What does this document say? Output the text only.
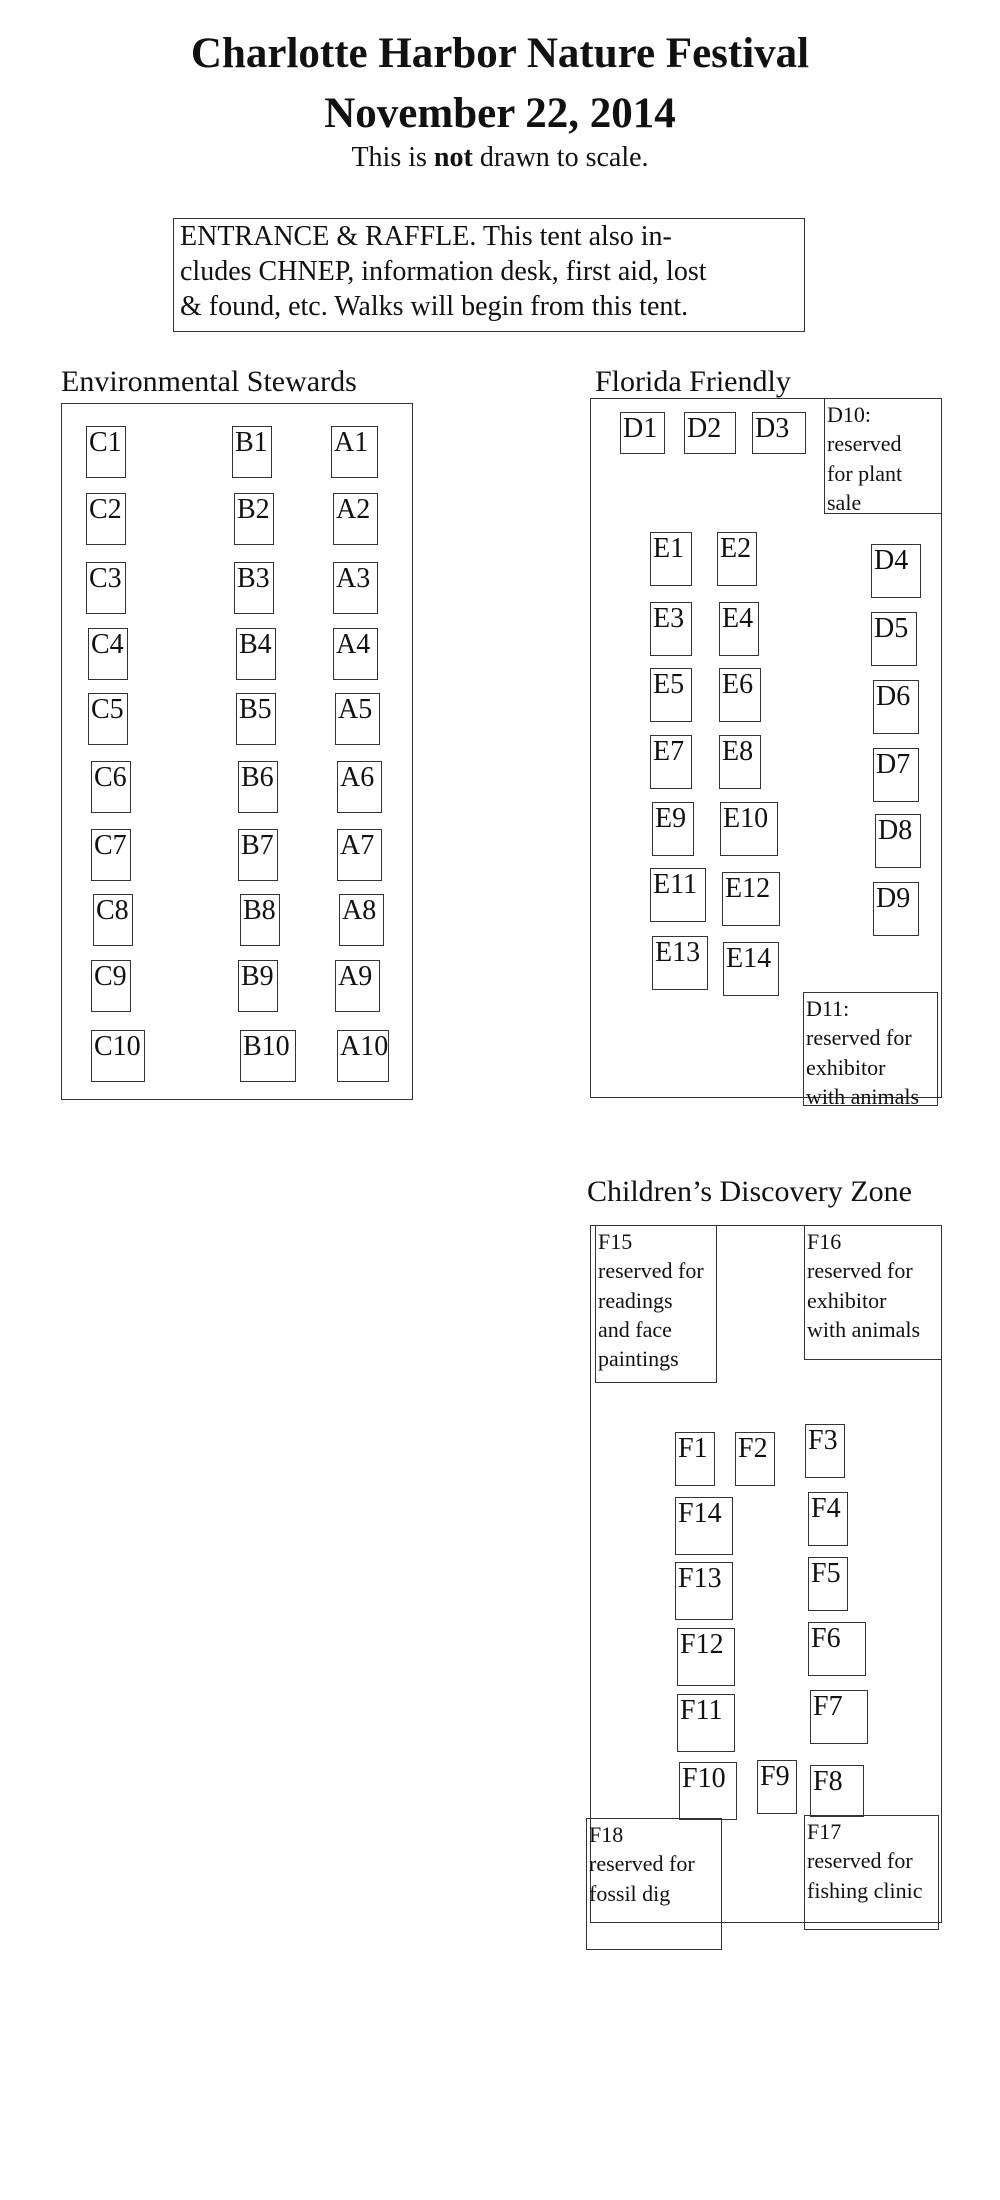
Charlotte Harbor Nature Festival
November 22, 2014
This is not drawn to scale.
ENTRANCE & RAFFLE. This tent also in-
cludes CHNEP, information desk, first aid, lost
& found, etc. Walks will begin from this tent.
Environmental Stewards
C1	B1 A1
C2	B2 A2
C3	B3 A3
C4	B4 A4
C5	B5 A5
C6	B6 A6
C7	B7 A7
C8	B8 A8
C9	B9 A9
C10	B10 A10
Florida Friendly
D1 D2	D3	D10:
reserved
for plant
sale
E1 E2	D4
E3 E4	D5
E5 E6	D6
E7 E8	D7
E9 E10	D8
E11 E12	D9
E13 E14
D11:
reserved for
exhibitor
with animals
Children’s Discovery Zone
F15
reserved for
readings
and face
paintings
F16
reserved for
exhibitor
with animals
F1 F2 F3
F14	F4
F13	F5
F12	F6
F11	F7
F10	F9 F8
F18
reserved for
fossil dig
F17
reserved for
fishing clinic
